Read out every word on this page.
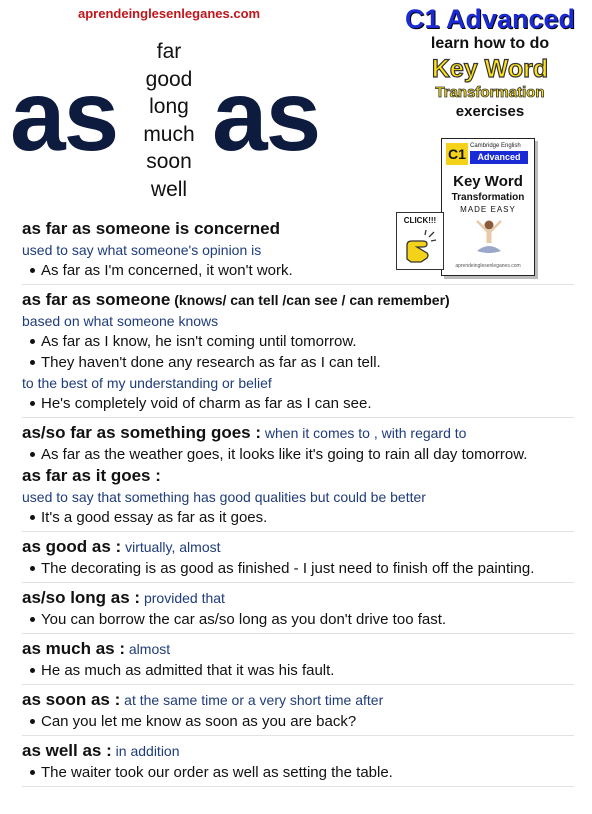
aprendeinglesenleganes.com
as
far
good
long
much
soon
well
as
C1 Advanced
learn how to do
Key Word
Transformation
exercises
C1 Cambridge English
Advanced
Key Word
Transformation
MADE EASY
aprendeinglesenleganes.com
CLICK!!!
as far as someone is concerned
used to say what someone's opinion is
As far as I'm concerned, it won't work.
as far as someone (knows/ can tell /can see / can remember)
based on what someone knows
As far as I know, he isn't coming until tomorrow.
They haven't done any research as far as I can tell.
to the best of my understanding or belief
He's completely void of charm as far as I can see.
as/so far as something goes : when it comes to , with regard to
As far as the weather goes, it looks like it's going to rain all day tomorrow.
as far as it goes :
used to say that something has good qualities but could be better
It's a good essay as far as it goes.
as good as : virtually, almost
The decorating is as good as finished - I just need to finish off the painting.
as/so long as : provided that
You can borrow the car as/so long as you don't drive too fast.
as much as : almost
He as much as admitted that it was his fault.
as soon as : at the same time or a very short time after
Can you let me know as soon as you are back?
as well as : in addition
The waiter took our order as well as setting the table.
